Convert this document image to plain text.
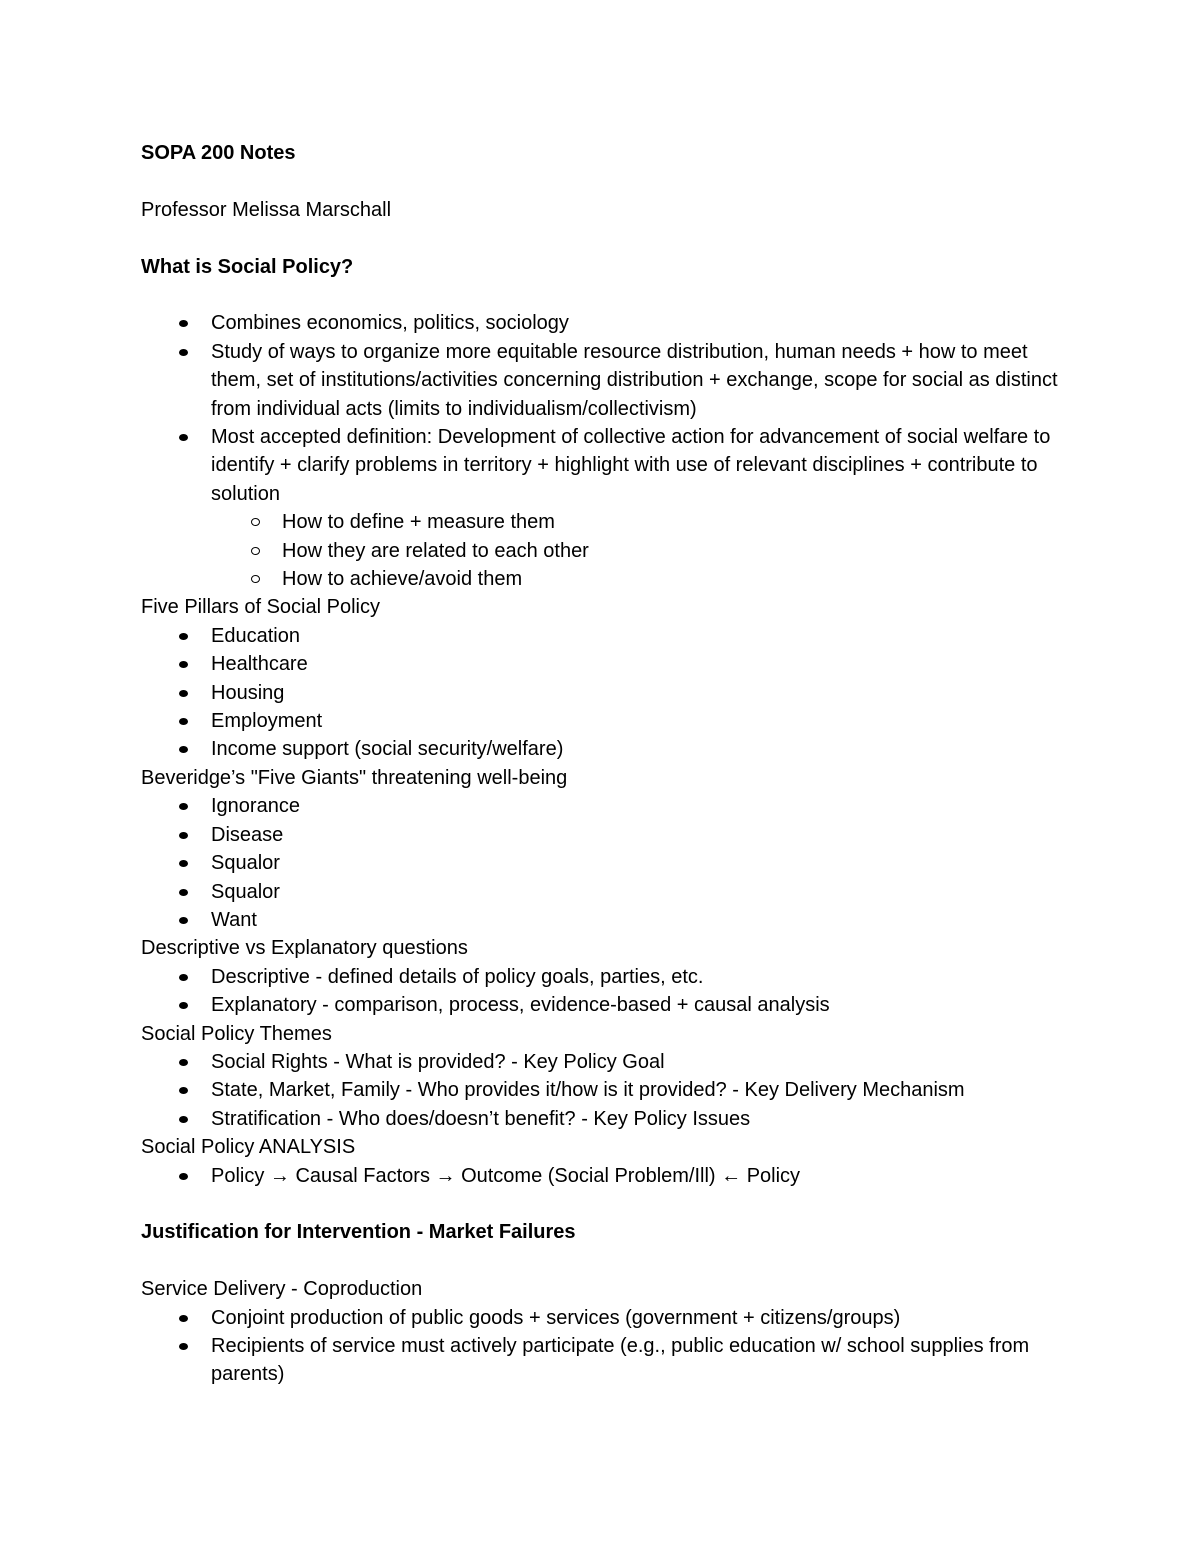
SOPA 200 Notes

Professor Melissa Marschall

What is Social Policy?

Combines economics, politics, sociology
Study of ways to organize more equitable resource distribution, human needs + how to meet them, set of institutions/activities concerning distribution + exchange, scope for social as distinct from individual acts (limits to individualism/collectivism)
Most accepted definition: Development of collective action for advancement of social welfare to identify + clarify problems in territory + highlight with use of relevant disciplines + contribute to solution
How to define + measure them
How they are related to each other
How to achieve/avoid them

Five Pillars of Social Policy

Education
Healthcare
Housing
Employment
Income support (social security/welfare)

Beveridge’s "Five Giants" threatening well-being

Ignorance
Disease
Squalor
Squalor
Want

Descriptive vs Explanatory questions

Descriptive - defined details of policy goals, parties, etc.
Explanatory - comparison, process, evidence-based + causal analysis

Social Policy Themes

Social Rights - What is provided? - Key Policy Goal
State, Market, Family - Who provides it/how is it provided? - Key Delivery Mechanism
Stratification - Who does/doesn’t benefit? - Key Policy Issues

Social Policy ANALYSIS

Policy → Causal Factors → Outcome (Social Problem/Ill) ← Policy

Justification for Intervention - Market Failures

Service Delivery - Coproduction

Conjoint production of public goods + services (government + citizens/groups)
Recipients of service must actively participate (e.g., public education w/ school supplies from parents)
